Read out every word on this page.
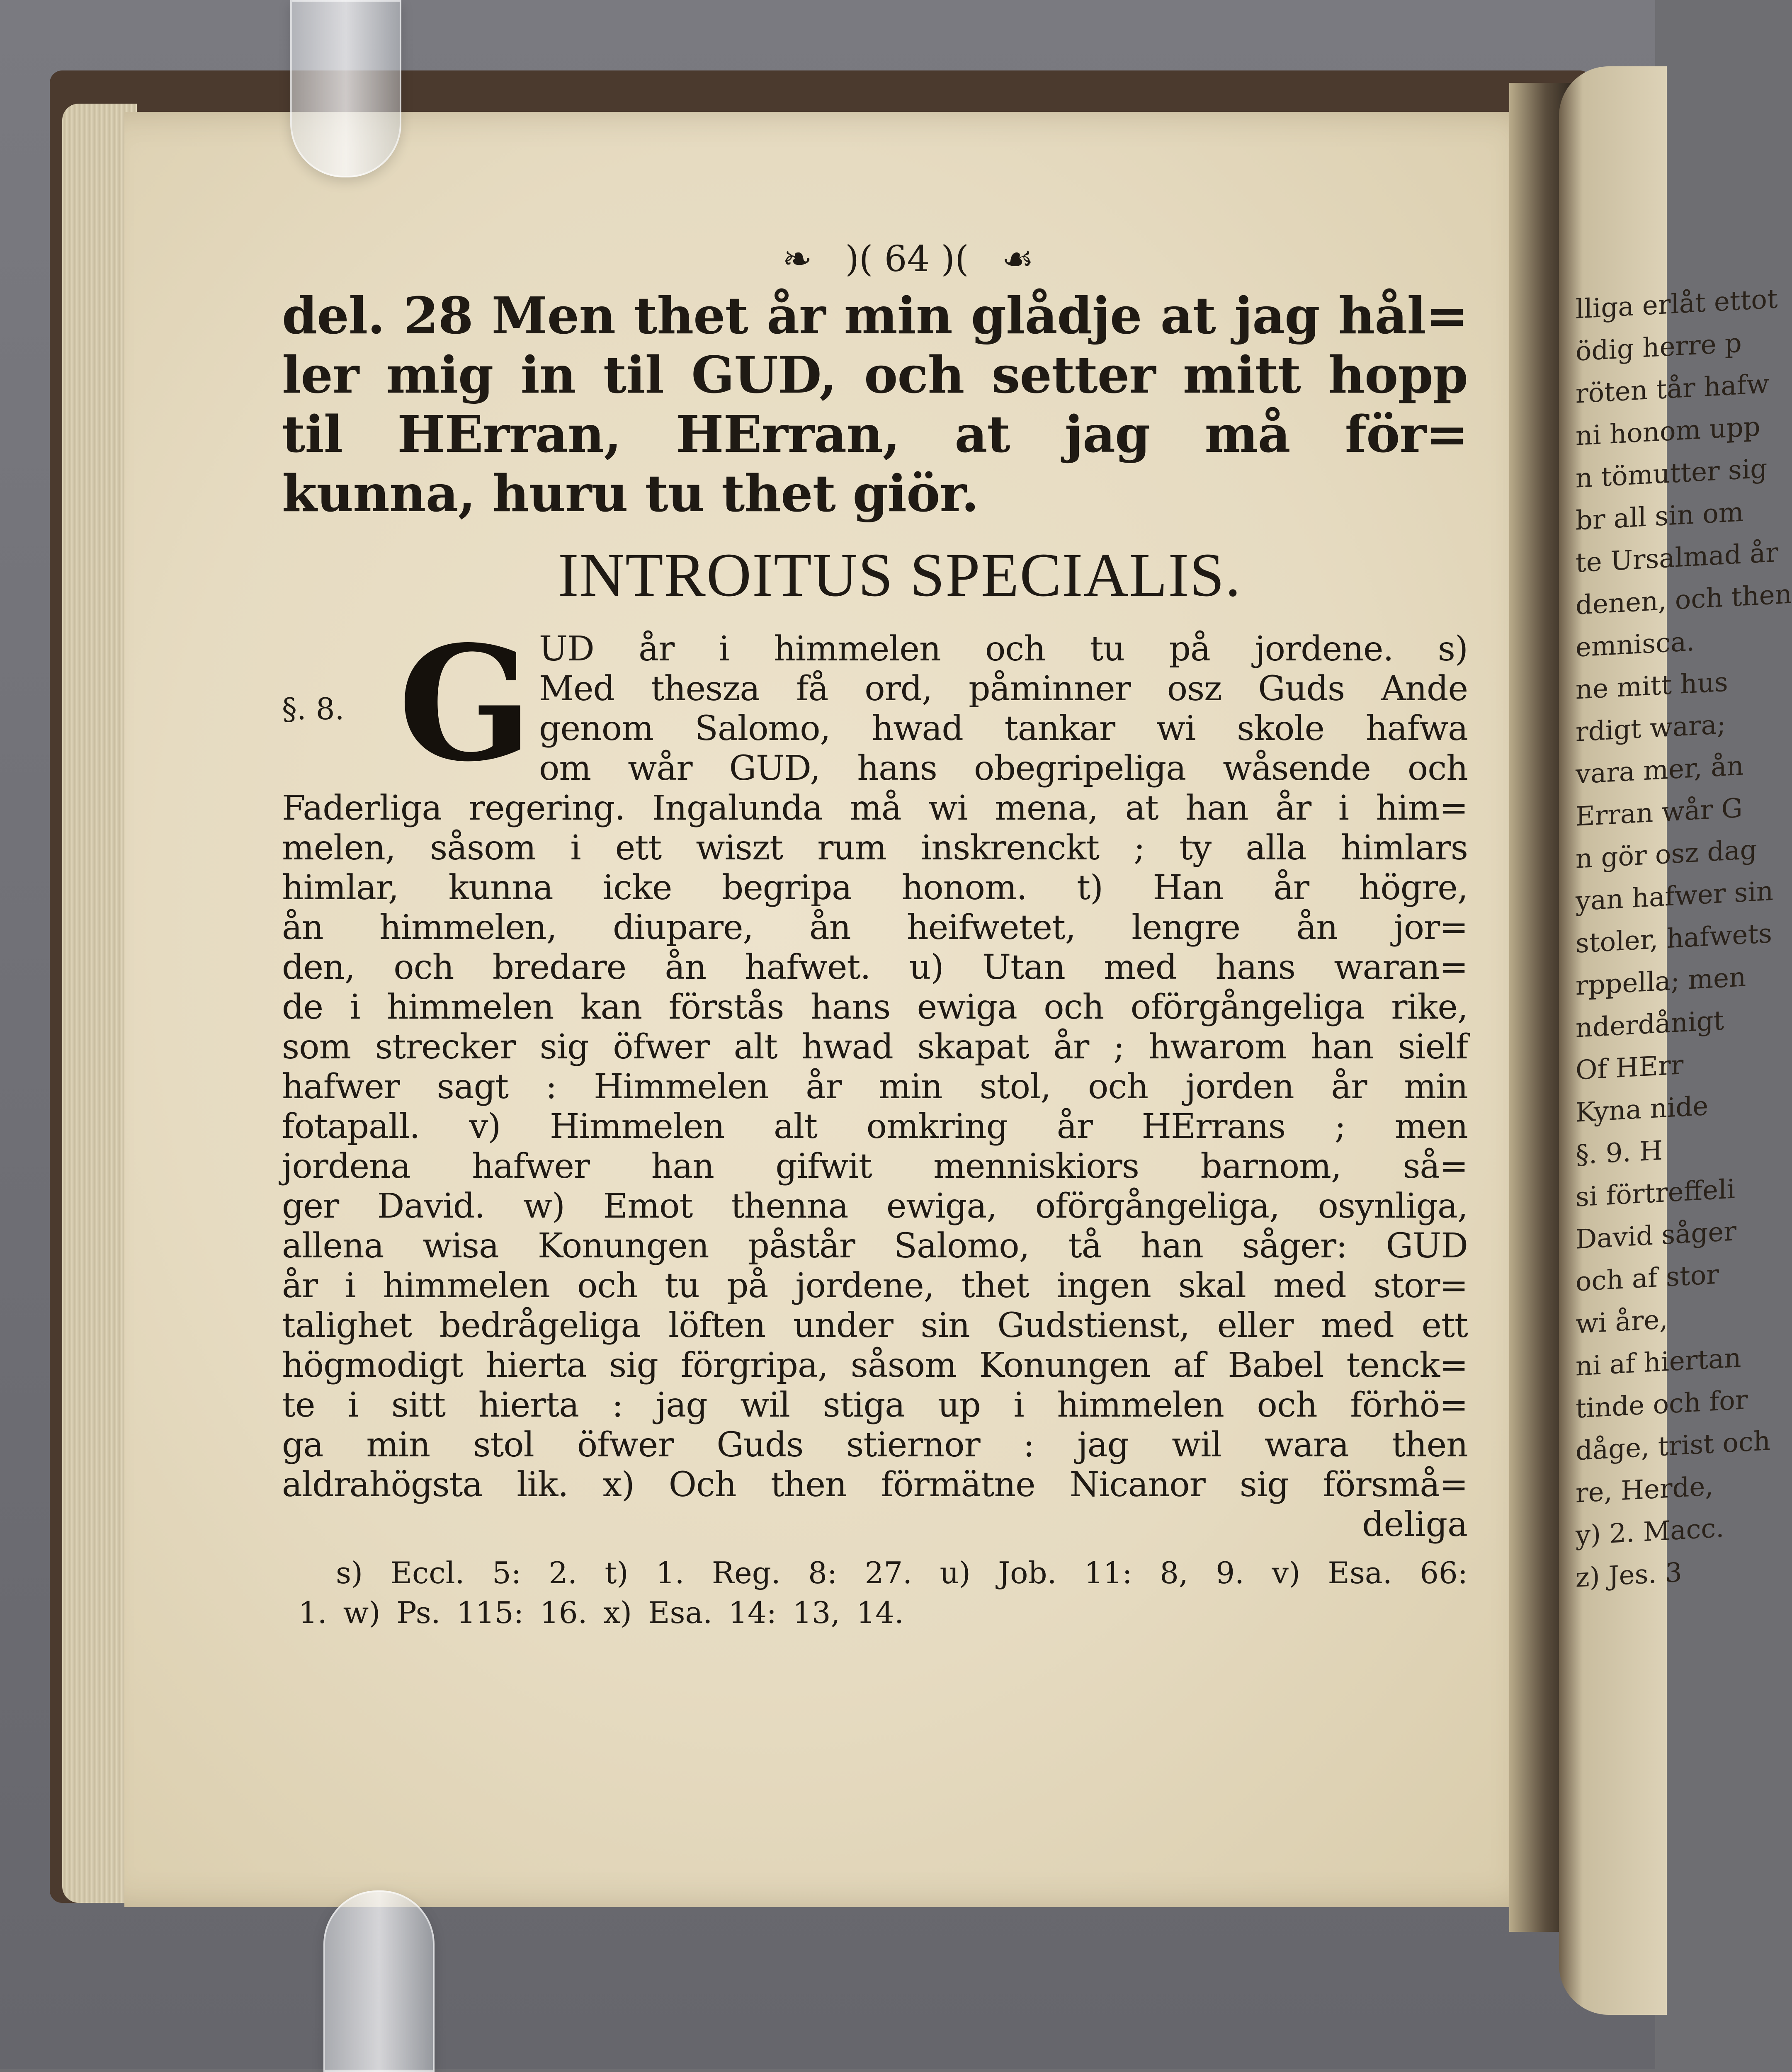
lliga erlåt ettot
ödig herre p
röten tår hafw
ni honom upp
n tömutter sig
br all sin om
te Ursalmad år
denen, och then
emnisca.
ne mitt hus
rdigt wara;
vara mer, ån
Erran wår G
n gör osz dag
yan hafwer sin
stoler, hafwets
rppella; men
nderdånigt
Of HErr
Kyna nide
§. 9. H
si förtreffeli
David såger
och af stor
wi åre,
ni af hiertan
tinde och for
dåge, trist och
re, Herde,
y) 2. Macc.
z) Jes. 3
❧ )( 64 )( ☙
del. 28 Men thet år min glådje at jag hål=
ler mig in til GUD, och setter mitt hopp
til HErran, HErran, at jag må för=
kunna, huru tu thet giör.
INTROITUS SPECIALIS.
§. 8. G UD år i himmelen och tu på jordene. s)
Med thesza få ord, påminner osz Guds Ande
genom Salomo, hwad tankar wi skole hafwa
om wår GUD, hans obegripeliga wåsende och
Faderliga regering. Ingalunda må wi mena, at han år i him=
melen, såsom i ett wiszt rum inskrenckt ; ty alla himlars
himlar, kunna icke begripa honom. t) Han år högre,
ån himmelen, diupare, ån heifwetet, lengre ån jor=
den, och bredare ån hafwet. u) Utan med hans waran=
de i himmelen kan förstås hans ewiga och oförgångeliga rike,
som strecker sig öfwer alt hwad skapat år ; hwarom han sielf
hafwer sagt : Himmelen år min stol, och jorden år min
fotapall. v) Himmelen alt omkring år HErrans ; men
jordena hafwer han gifwit menniskiors barnom, så=
ger David. w) Emot thenna ewiga, oförgångeliga, osynliga,
allena wisa Konungen påstår Salomo, tå han såger: GUD
år i himmelen och tu på jordene, thet ingen skal med stor=
talighet bedrågeliga löften under sin Gudstienst, eller med ett
högmodigt hierta sig förgripa, såsom Konungen af Babel tenck=
te i sitt hierta : jag wil stiga up i himmelen och förhö=
ga min stol öfwer Guds stiernor : jag wil wara then
aldrahögsta lik. x) Och then förmätne Nicanor sig försmå=
deliga
s) Eccl. 5: 2. t) 1. Reg. 8: 27. u) Job. 11: 8, 9. v) Esa. 66:
1. w) Ps. 115: 16. x) Esa. 14: 13, 14.
